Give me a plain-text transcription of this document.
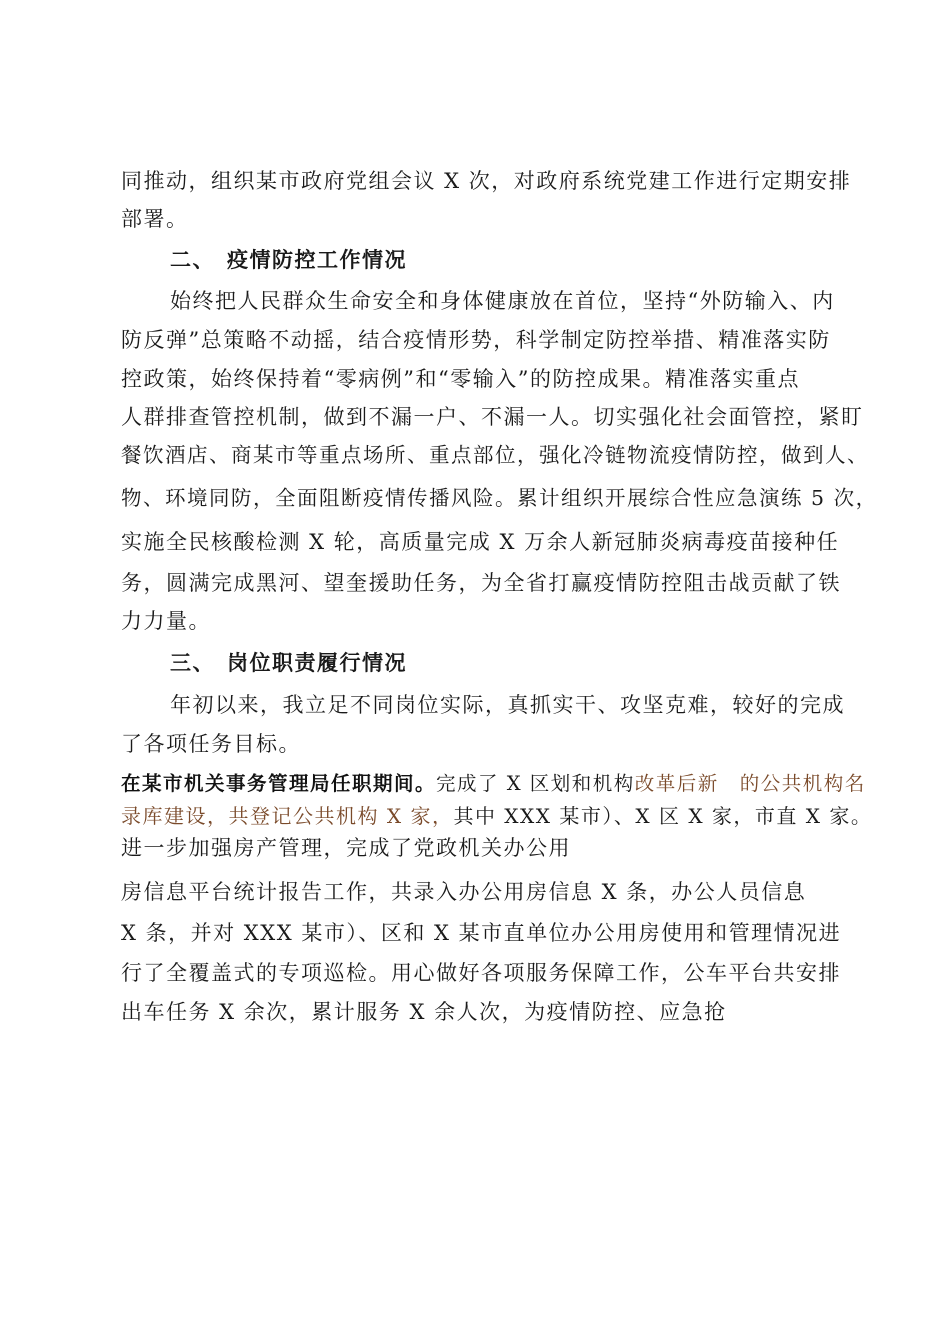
同推动，组织某市政府党组会议 X 次，对政府系统党建工作进行定期安排
部署。
二、　疫情防控工作情况
始终把人民群众生命安全和身体健康放在首位，坚持“外防输入、内
防反弹”总策略不动摇，结合疫情形势，科学制定防控举措、精准落实防
控政策，始终保持着“零病例”和“零输入”的防控成果。精准落实重点
人群排查管控机制，做到不漏一户、不漏一人。切实强化社会面管控，紧盯
餐饮酒店、商某市等重点场所、重点部位，强化冷链物流疫情防控，做到人、
物、环境同防，全面阻断疫情传播风险。累计组织开展综合性应急演练 5 次，
实施全民核酸检测 X 轮，高质量完成 X 万余人新冠肺炎病毒疫苗接种任
务，圆满完成黑河、望奎援助任务，为全省打赢疫情防控阻击战贡献了铁
力力量。
三、　岗位职责履行情况
年初以来，我立足不同岗位实际，真抓实干、攻坚克难，较好的完成
了各项任务目标。
在某市机关事务管理局任职期间。完成了 X 区划和机构改革后新　的公共机构名
录库建设，共登记公共机构 X 家，其中 XXX 某市）、X 区 X 家，市直 X 家。
进一步加强房产管理，完成了党政机关办公用
房信息平台统计报告工作，共录入办公用房信息 X 条，办公人员信息
X 条，并对 XXX 某市）、区和 X 某市直单位办公用房使用和管理情况进
行了全覆盖式的专项巡检。用心做好各项服务保障工作，公车平台共安排
出车任务 X 余次，累计服务 X 余人次，为疫情防控、应急抢
